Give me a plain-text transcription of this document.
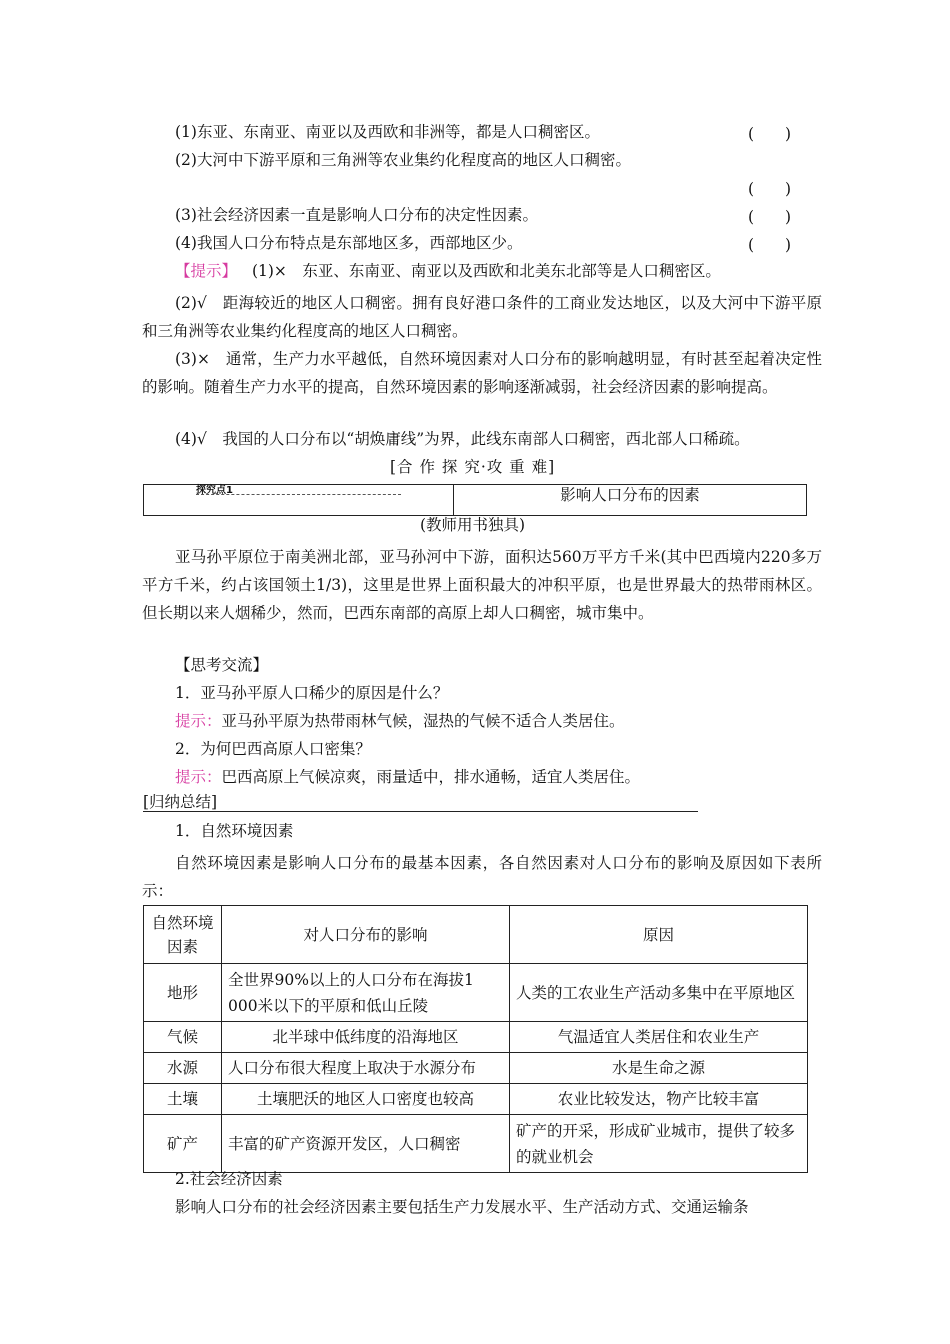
(1)东亚、东南亚、南亚以及西欧和非洲等，都是人口稠密区。	(　　)
(2)大河中下游平原和三角洲等农业集约化程度高的地区人口稠密。
(　　)
(3)社会经济因素一直是影响人口分布的决定性因素。	(　　)
(4)我国人口分布特点是东部地区多，西部地区少。	(　　)
【提示】 (1)×　东亚、东南亚、南亚以及西欧和北美东北部等是人口稠密区。
(2)√　距海较近的地区人口稠密。拥有良好港口条件的工商业发达地区，以及大河中下游平原和三角洲等农业集约化程度高的地区人口稠密。
(3)×　通常，生产力水平越低，自然环境因素对人口分布的影响越明显，有时甚至起着决定性的影响。随着生产力水平的提高，自然环境因素的影响逐渐减弱，社会经济因素的影响提高。
(4)√　我国的人口分布以“胡焕庸线”为界，此线东南部人口稠密，西北部人口稀疏。
[合 作 探 究·攻 重 难]
探究点1	影响人口分布的因素
(教师用书独具)
亚马孙平原位于南美洲北部，亚马孙河中下游，面积达560万平方千米(其中巴西境内220多万平方千米，约占该国领土1/3)，这里是世界上面积最大的冲积平原，也是世界最大的热带雨林区。但长期以来人烟稀少，然而，巴西东南部的高原上却人口稠密，城市集中。
【思考交流】
1．亚马孙平原人口稀少的原因是什么？
提示：亚马孙平原为热带雨林气候，湿热的气候不适合人类居住。
2．为何巴西高原人口密集？
提示：巴西高原上气候凉爽，雨量适中，排水通畅，适宜人类居住。
[归纳总结]
1．自然环境因素
自然环境因素是影响人口分布的最基本因素，各自然因素对人口分布的影响及原因如下表所示：
自然环境因素	对人口分布的影响	原因
地形	全世界90%以上的人口分布在海拔1 000米以下的平原和低山丘陵	人类的工农业生产活动多集中在平原地区
气候	北半球中低纬度的沿海地区	气温适宜人类居住和农业生产
水源	人口分布很大程度上取决于水源分布	水是生命之源
土壤	土壤肥沃的地区人口密度也较高	农业比较发达，物产比较丰富
矿产	丰富的矿产资源开发区，人口稠密	矿产的开采，形成矿业城市，提供了较多的就业机会
2.社会经济因素
影响人口分布的社会经济因素主要包括生产力发展水平、生产活动方式、交通运输条
